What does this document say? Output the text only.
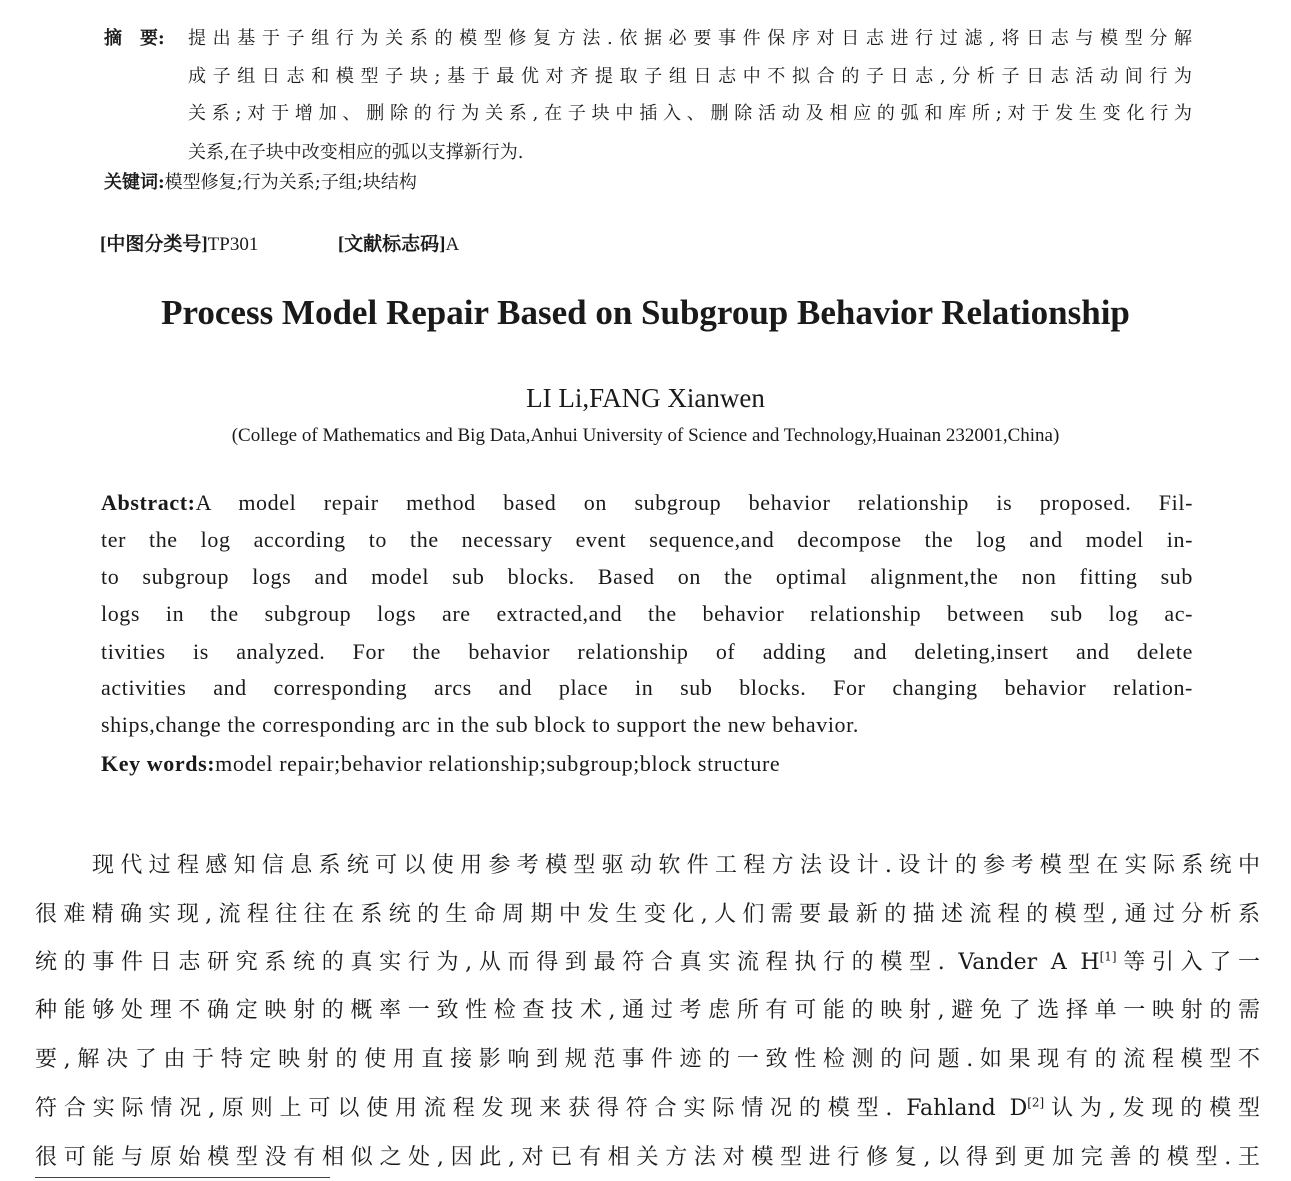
摘　要: 提出基于子组行为关系的模型修复方法.依据必要事件保序对日志进行过滤,将日志与模型分解
成子组日志和模型子块;基于最优对齐提取子组日志中不拟合的子日志,分析子日志活动间行为
关系;对于增加、删除的行为关系,在子块中插入、删除活动及相应的弧和库所;对于发生变化行为
关系,在子块中改变相应的弧以支撑新行为.
关键词:模型修复;行为关系;子组;块结构
[中图分类号]TP301	[文献标志码]A
Process Model Repair Based on Subgroup Behavior Relationship
LI Li,FANG Xianwen
(College of Mathematics and Big Data,Anhui University of Science and Technology,Huainan 232001,China)
Abstract:A model repair method based on subgroup behavior relationship is proposed. Fil-
ter the log according to the necessary event sequence,and decompose the log and model in-
to subgroup logs and model sub blocks. Based on the optimal alignment,the non fitting sub
logs in the subgroup logs are extracted,and the behavior relationship between sub log ac-
tivities is analyzed. For the behavior relationship of adding and deleting,insert and delete
activities and corresponding arcs and place in sub blocks. For changing behavior relation-
ships,change the corresponding arc in the sub block to support the new behavior.
Key words:model repair;behavior relationship;subgroup;block structure
现代过程感知信息系统可以使用参考模型驱动软件工程方法设计.设计的参考模型在实际系统中
很难精确实现,流程往往在系统的生命周期中发生变化,人们需要最新的描述流程的模型,通过分析系
统的事件日志研究系统的真实行为,从而得到最符合真实流程执行的模型. Vander A H[1]等引入了一
种能够处理不确定映射的概率一致性检查技术,通过考虑所有可能的映射,避免了选择单一映射的需
要,解决了由于特定映射的使用直接影响到规范事件迹的一致性检测的问题.如果现有的流程模型不
符合实际情况,原则上可以使用流程发现来获得符合实际情况的模型. Fahland D[2]认为,发现的模型
很可能与原始模型没有相似之处,因此,对已有相关方法对模型进行修复,以得到更加完善的模型.王
